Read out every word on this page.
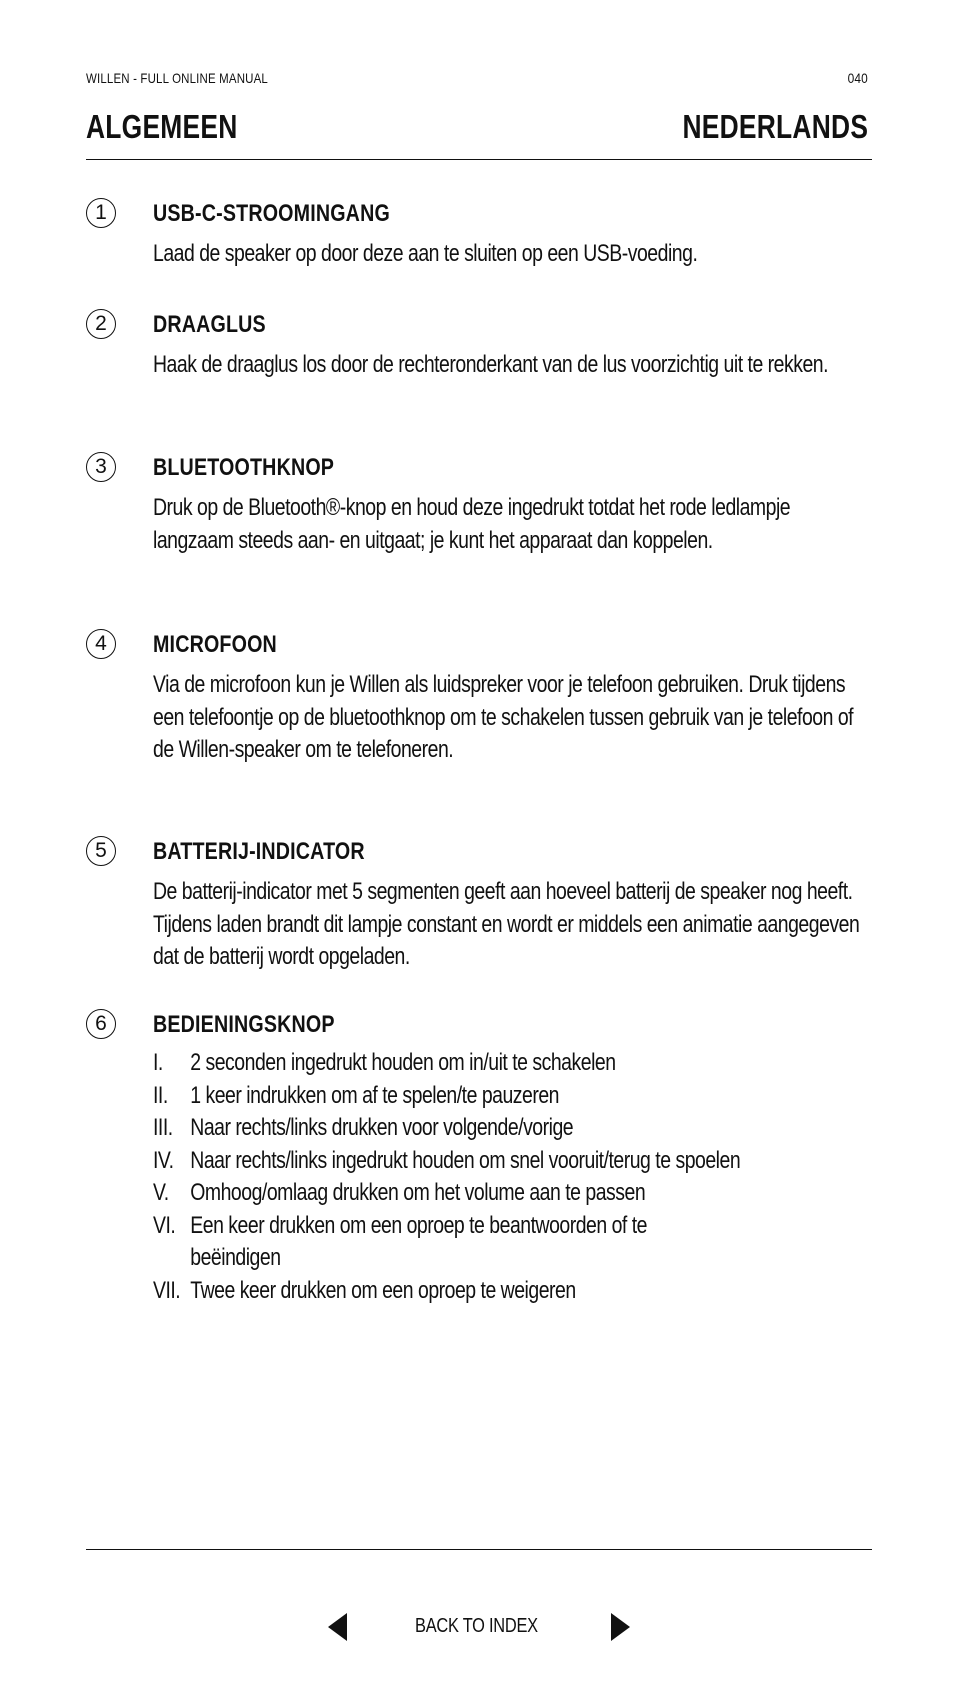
WILLEN - FULL ONLINE MANUAL	040
ALGEMEEN	NEDERLANDS
1	USB-C-STROOMINGANG

Laad de speaker op door deze aan te sluiten op een USB-voeding.

2	DRAAGLUS

Haak de draaglus los door de rechteronderkant van de lus voorzichtig uit te rekken.

3	BLUETOOTHKNOP

Druk op de Bluetooth®-knop en houd deze ingedrukt totdat het rode ledlampje langzaam steeds aan- en uitgaat; je kunt het apparaat dan koppelen.

4	MICROFOON

Via de microfoon kun je Willen als luidspreker voor je telefoon gebruiken. Druk tijdens een telefoontje op de bluetoothknop om te schakelen tussen gebruik van je telefoon of de Willen-speaker om te telefoneren.

5	BATTERIJ-INDICATOR

De batterij-indicator met 5 segmenten geeft aan hoeveel batterij de speaker nog heeft. Tijdens laden brandt dit lampje constant en wordt er middels een animatie aangegeven dat de batterij wordt opgeladen.

6	BEDIENINGSKNOP
I. 2 seconden ingedrukt houden om in/uit te schakelen
II. 1 keer indrukken om af te spelen/te pauzeren
III. Naar rechts/links drukken voor volgende/vorige
IV. Naar rechts/links ingedrukt houden om snel vooruit/terug te spoelen
V. Omhoog/omlaag drukken om het volume aan te passen
VI. Een keer drukken om een oproep te beantwoorden of te beëindigen
VII. Twee keer drukken om een oproep te weigeren
BACK TO INDEX
